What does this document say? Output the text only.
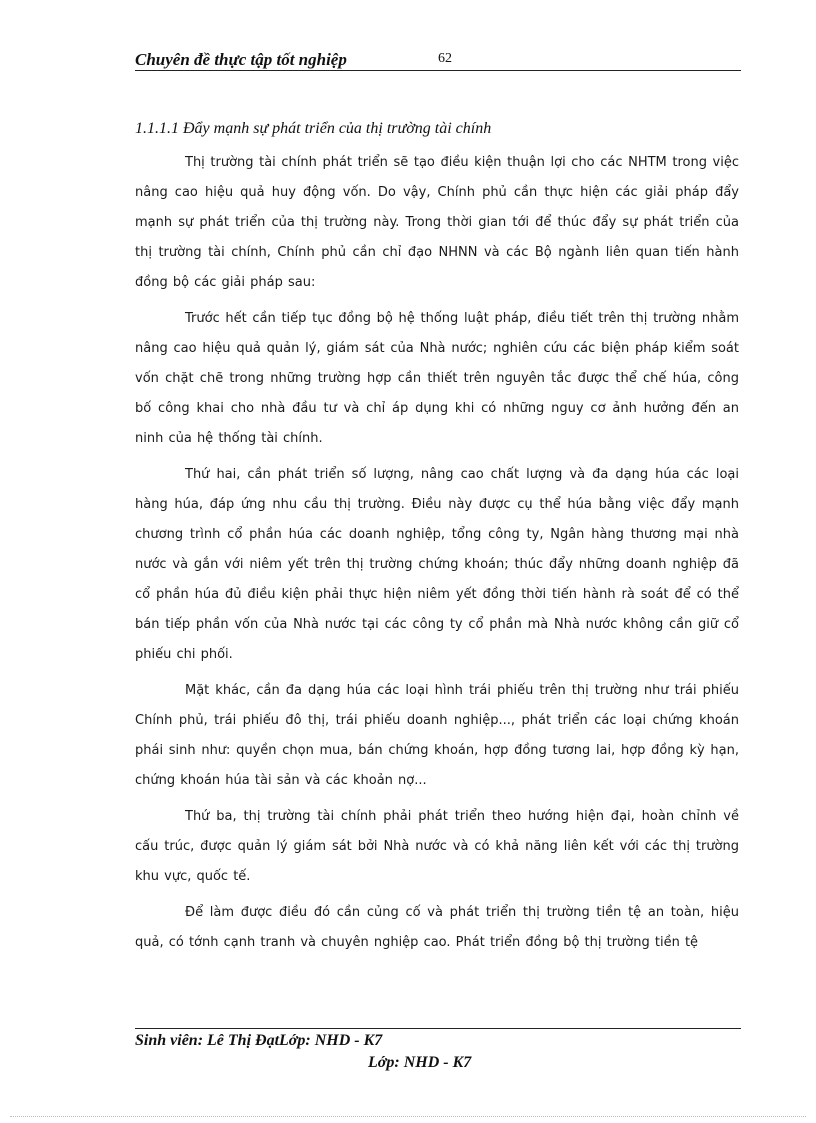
Chuyên đề thực tập tốt nghiệp	62
1.1.1.1 Đẩy mạnh sự phát triển của thị trường tài chính

Thị trường tài chính phát triển sẽ tạo điều kiện thuận lợi cho các NHTM trong việc nâng cao hiệu quả huy động vốn. Do vậy, Chính phủ cần thực hiện các giải pháp đẩy mạnh sự phát triển của thị trường này. Trong thời gian tới để thúc đẩy sự phát triển của thị trường tài chính, Chính phủ cần chỉ đạo NHNN và các Bộ ngành liên quan tiến hành đồng bộ các giải pháp sau:

Trước hết cần tiếp tục đồng bộ hệ thống luật pháp, điều tiết trên thị trường nhằm nâng cao hiệu quả quản lý, giám sát của Nhà nước; nghiên cứu các biện pháp kiểm soát vốn chặt chẽ trong những trường hợp cần thiết trên nguyên tắc được thể chế húa, công bố công khai cho nhà đầu tư và chỉ áp dụng khi có những nguy cơ ảnh hưởng đến an ninh của hệ thống tài chính.

Thứ hai, cần phát triển số lượng, nâng cao chất lượng và đa dạng húa các loại hàng húa, đáp ứng nhu cầu thị trường. Điều này được cụ thể húa bằng việc đẩy mạnh chương trình cổ phần húa các doanh nghiệp, tổng công ty, Ngân hàng thương mại nhà nước và gắn với niêm yết trên thị trường chứng khoán; thúc đẩy những doanh nghiệp đã cổ phần húa đủ điều kiện phải thực hiện niêm yết đồng thời tiến hành rà soát để có thể bán tiếp phần vốn của Nhà nước tại các công ty cổ phần mà Nhà nước không cần giữ cổ phiếu chi phối.

Mặt khác, cần đa dạng húa các loại hình trái phiếu trên thị trường như trái phiếu Chính phủ, trái phiếu đô thị, trái phiếu doanh nghiệp..., phát triển các loại chứng khoán phái sinh như: quyền chọn mua, bán chứng khoán, hợp đồng tương lai, hợp đồng kỳ hạn, chứng khoán húa tài sản và các khoản nợ...

Thứ ba, thị trường tài chính phải phát triển theo hướng hiện đại, hoàn chỉnh về cấu trúc, được quản lý giám sát bởi Nhà nước và có khả năng liên kết với các thị trường khu vực, quốc tế.

Để làm được điều đó cần củng cố và phát triển thị trường tiền tệ an toàn, hiệu quả, có tớnh cạnh tranh và chuyên nghiệp cao. Phát triển đồng bộ thị trường tiền tệ

Sinh viên: Lê Thị ĐạtLớp: NHD - K7
Lớp: NHD - K7
